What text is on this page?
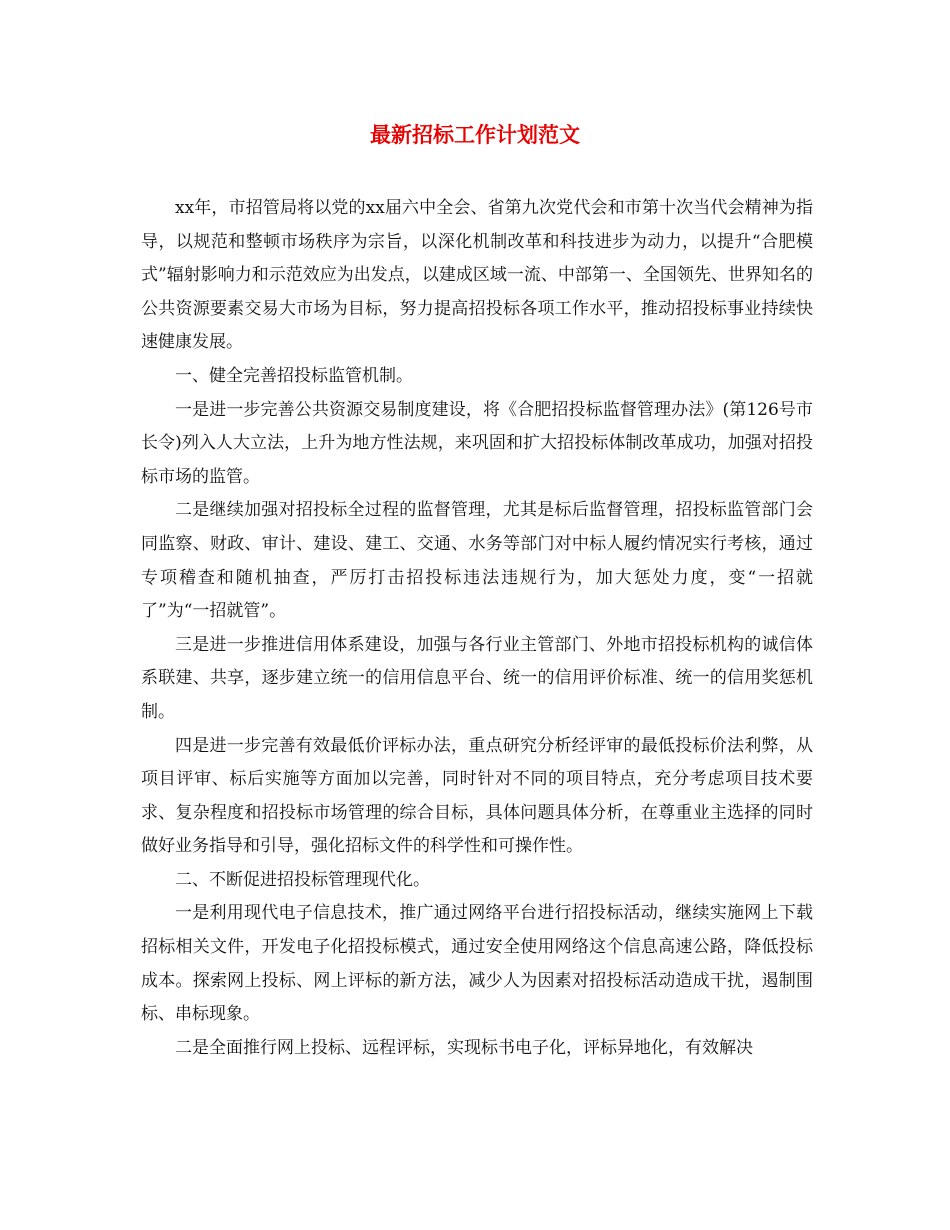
最新招标工作计划范文

xx年，市招管局将以党的xx届六中全会、省第九次党代会和市第十次当代会精神为指导，以规范和整顿市场秩序为宗旨，以深化机制改革和科技进步为动力，以提升“合肥模式”辐射影响力和示范效应为出发点，以建成区域一流、中部第一、全国领先、世界知名的公共资源要素交易大市场为目标，努力提高招投标各项工作水平，推动招投标事业持续快速健康发展。

一、健全完善招投标监管机制。

一是进一步完善公共资源交易制度建设，将《合肥招投标监督管理办法》(第126号市长令)列入人大立法，上升为地方性法规，来巩固和扩大招投标体制改革成功，加强对招投标市场的监管。

二是继续加强对招投标全过程的监督管理，尤其是标后监督管理，招投标监管部门会同监察、财政、审计、建设、建工、交通、水务等部门对中标人履约情况实行考核，通过专项稽查和随机抽查，严厉打击招投标违法违规行为，加大惩处力度，变“一招就了”为“一招就管”。

三是进一步推进信用体系建设，加强与各行业主管部门、外地市招投标机构的诚信体系联建、共享，逐步建立统一的信用信息平台、统一的信用评价标准、统一的信用奖惩机制。

四是进一步完善有效最低价评标办法，重点研究分析经评审的最低投标价法利弊，从项目评审、标后实施等方面加以完善，同时针对不同的项目特点，充分考虑项目技术要求、复杂程度和招投标市场管理的综合目标，具体问题具体分析，在尊重业主选择的同时做好业务指导和引导，强化招标文件的科学性和可操作性。

二、不断促进招投标管理现代化。

一是利用现代电子信息技术，推广通过网络平台进行招投标活动，继续实施网上下载招标相关文件，开发电子化招投标模式，通过安全使用网络这个信息高速公路，降低投标成本。探索网上投标、网上评标的新方法，减少人为因素对招投标活动造成干扰，遏制围标、串标现象。

二是全面推行网上投标、远程评标，实现标书电子化，评标异地化，有效解决
